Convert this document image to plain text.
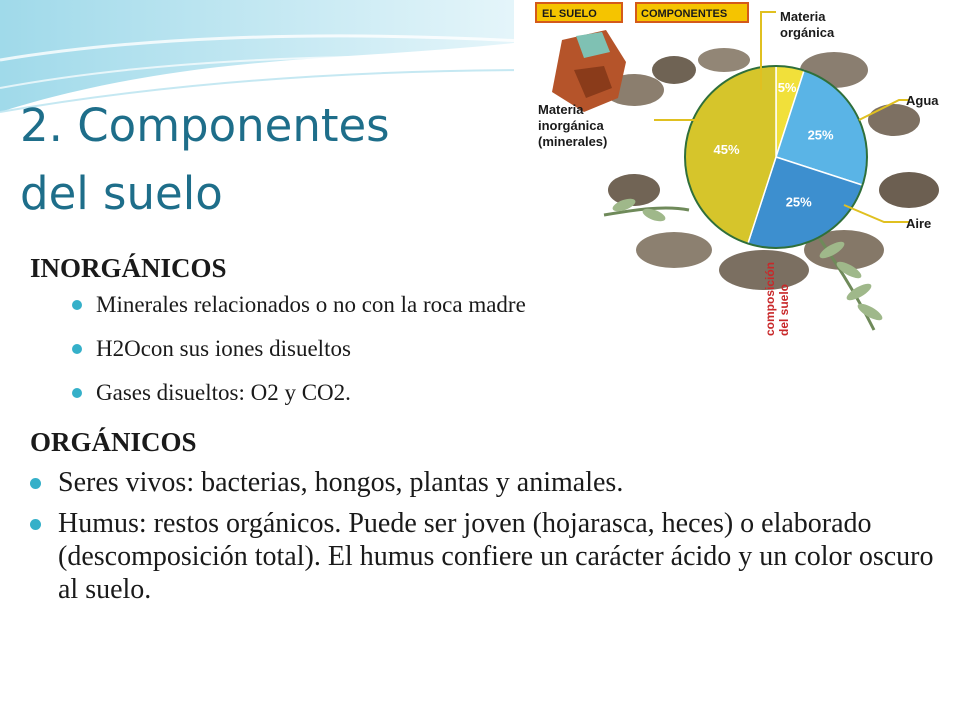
2. Componentes
del suelo
5%
25%
25%
45%
EL SUELO	COMPONENTES	Materia
orgánica
Agua
Aire
Materia
inorgánica
(minerales)
composición del suelo
INORGÁNICOS
Minerales relacionados o no con la roca madre
H2Ocon sus iones disueltos
Gases disueltos: O2 y CO2.
ORGÁNICOS
Seres vivos: bacterias, hongos, plantas y animales.
Humus: restos orgánicos. Puede ser joven (hojarasca, heces) o elaborado (descomposición total). El humus confiere un carácter ácido y un color oscuro al suelo.
